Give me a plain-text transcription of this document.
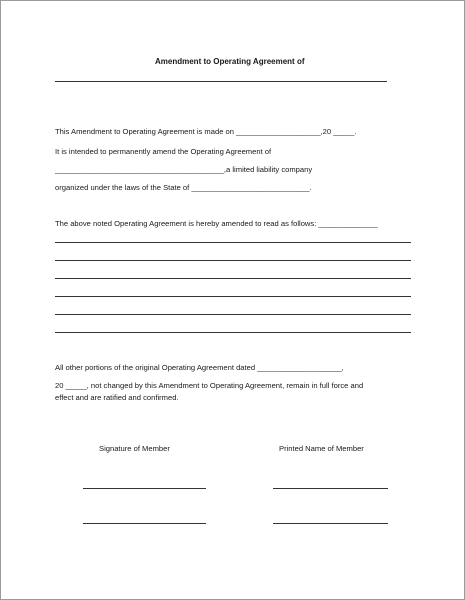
Amendment to Operating Agreement of
This Amendment to Operating Agreement is made on ____________________,20 _____.
It is intended to permanently amend the Operating Agreement of
________________________________________,a limited liability company
organized under the laws of the State of ____________________________.
The above noted Operating Agreement is hereby amended to read as follows: ______________
All other portions of the original Operating Agreement dated ____________________,
20 _____, not changed by this Amendment to Operating Agreement, remain in full force and
effect and are ratified and confirmed.
Signature of Member	Printed Name of Member
